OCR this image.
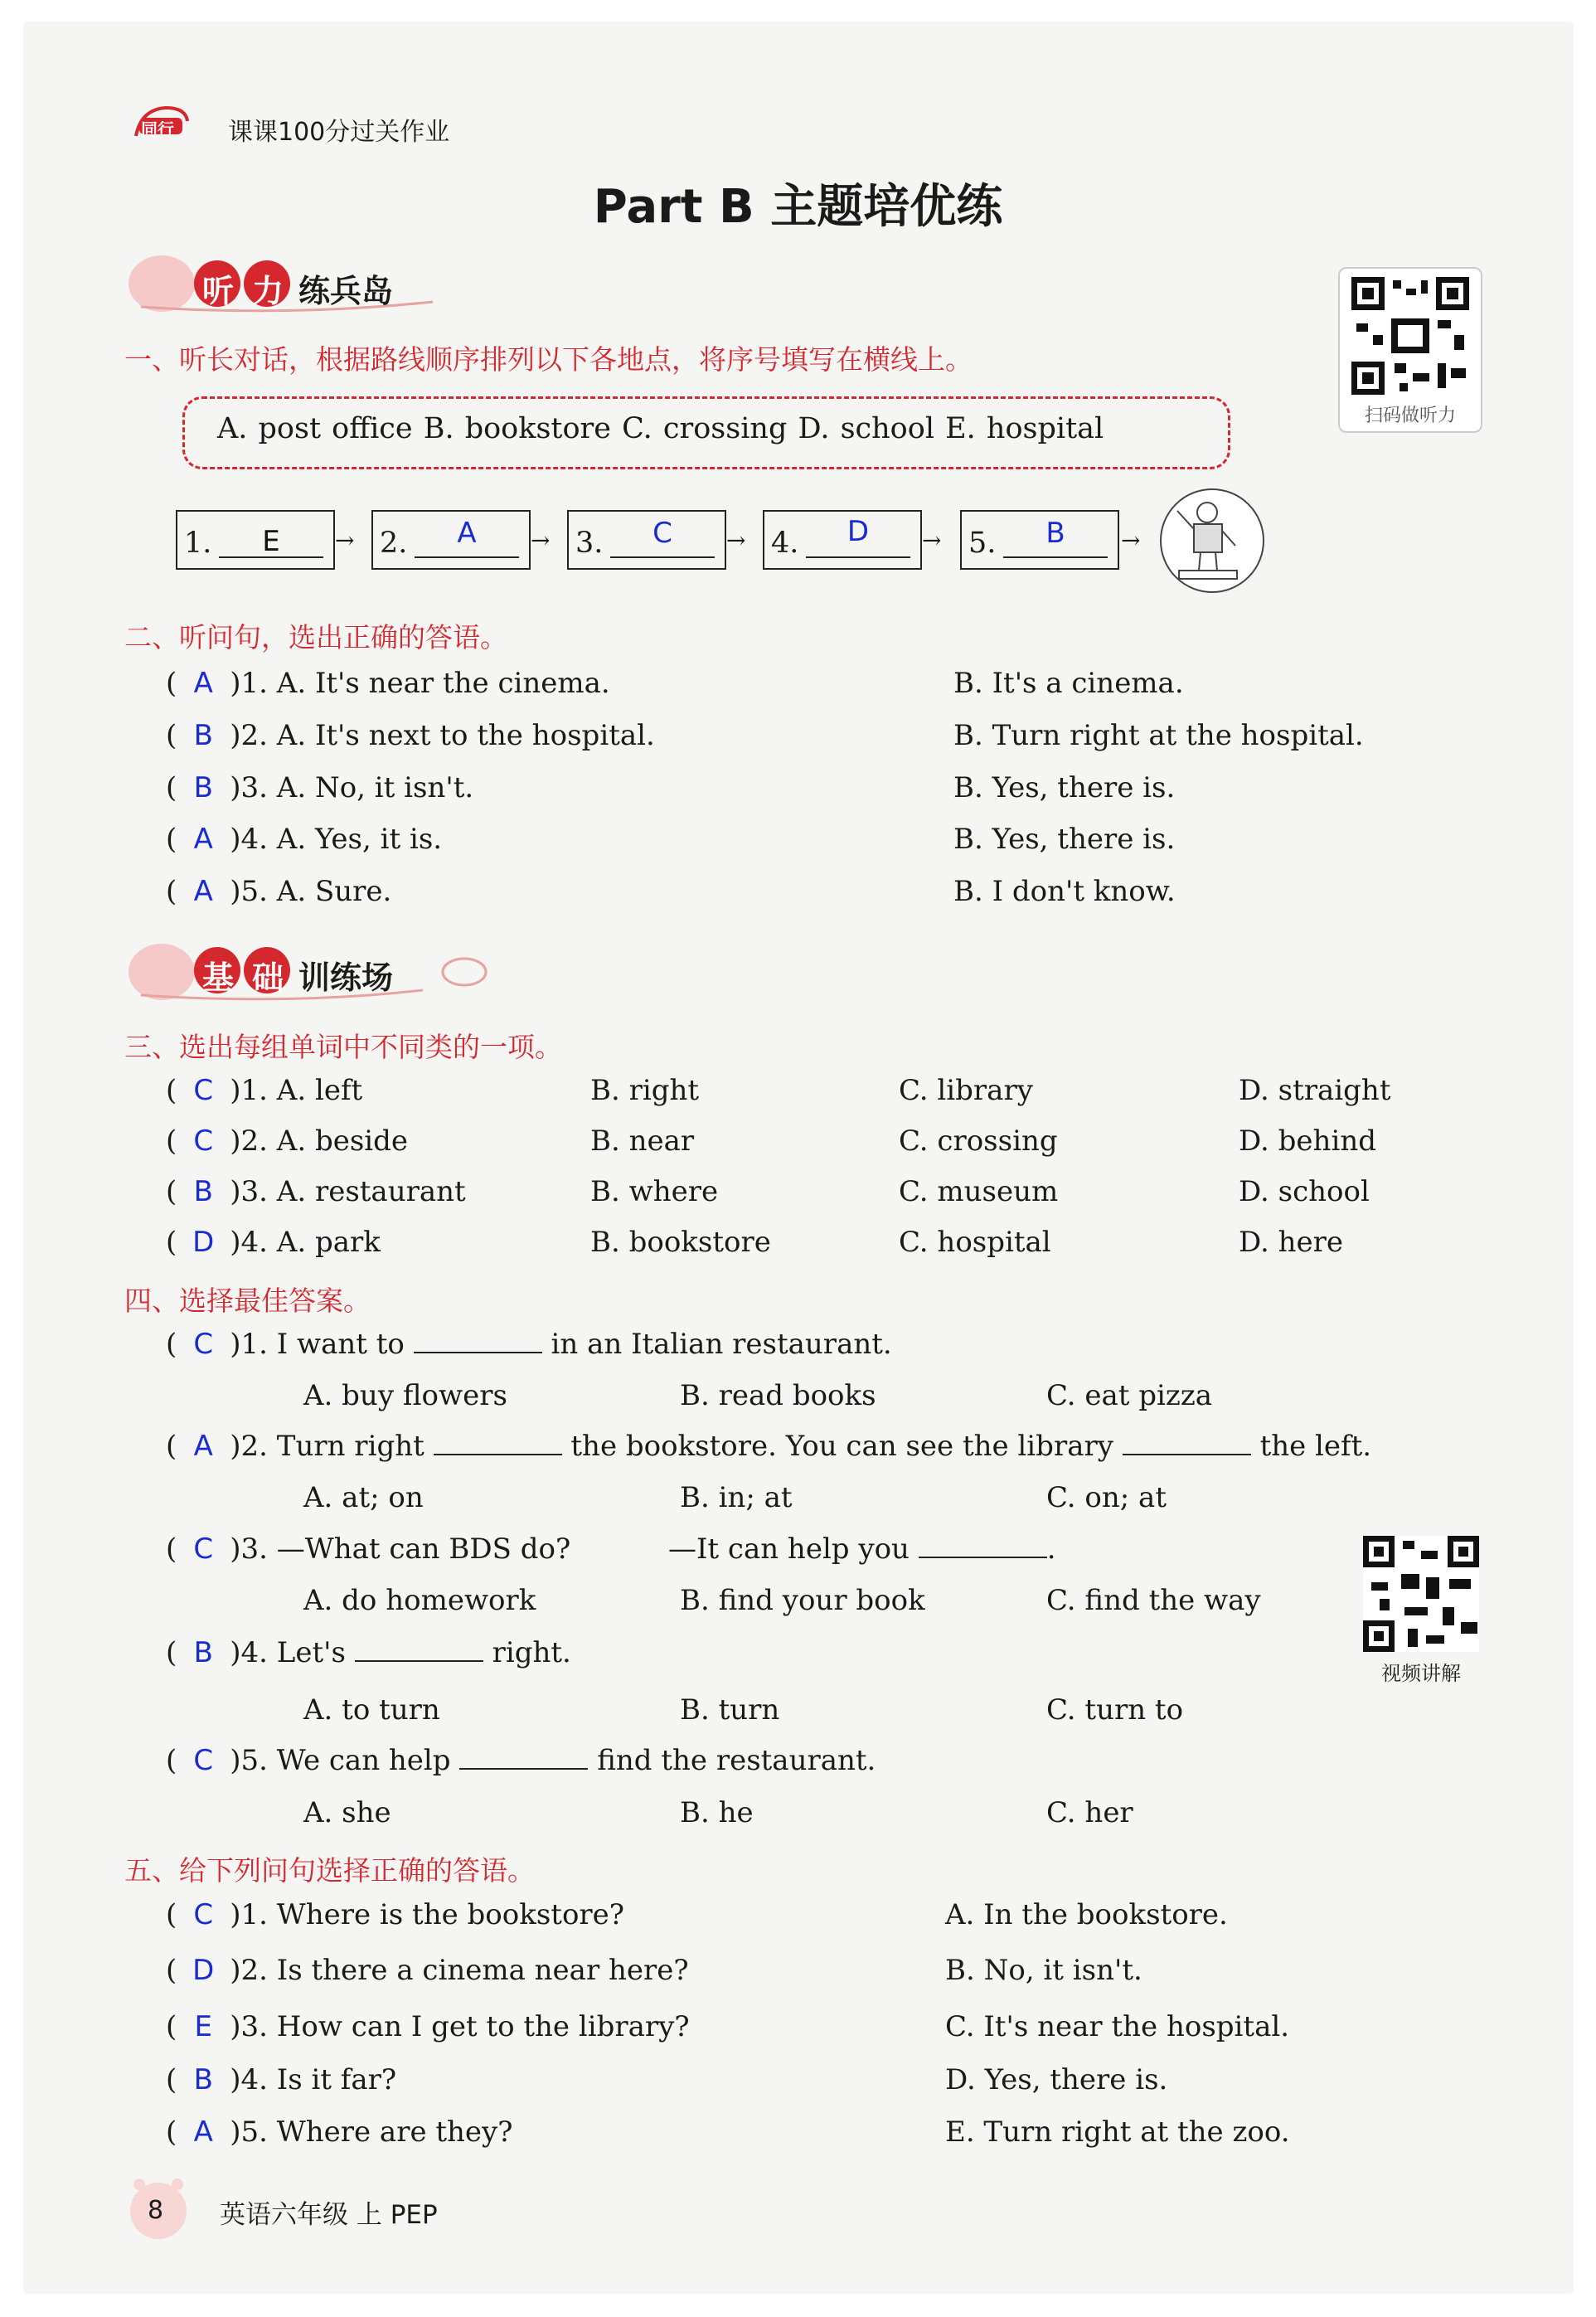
同行 课课100分过关作业
Part B 主题培优练
听 力 练兵岛
扫码做听力
一、听长对话，根据路线顺序排列以下各地点，将序号填写在横线上。
A. post office B. bookstore C. crossing D. school E. hospital
1.	E	→ 2.	A	→ 3.	C	→ 4.	D	→ 5.	B	→
二、听问句，选出正确的答语。
( A )1. A. It's near the cinema.	B. It's a cinema.
( B )2. A. It's next to the hospital.	B. Turn right at the hospital.
( B )3. A. No, it isn't.	B. Yes, there is.
( A )4. A. Yes, it is.	B. Yes, there is.
( A )5. A. Sure.	B. I don't know.
基 础 训练场
三、选出每组单词中不同类的一项。
( C )1. A. left	B. right	C. library	D. straight
( C )2. A. beside	B. near	C. crossing	D. behind
( B )3. A. restaurant	B. where	C. museum	D. school
( D )4. A. park	B. bookstore	C. hospital	D. here
四、选择最佳答案。
( C )1. I want to	in an Italian restaurant.
A. buy flowers	B. read books	C. eat pizza
( A )2. Turn right	the bookstore. You can see the library	the left.
A. at; on	B. in; at	C. on; at
( C )3. —What can BDS do?	—It can help you	.
A. do homework	B. find your book	C. find the way
视频讲解
( B )4. Let's	right.
A. to turn	B. turn	C. turn to
( C )5. We can help	find the restaurant.
A. she	B. he	C. her
五、给下列问句选择正确的答语。
( C )1. Where is the bookstore?	A. In the bookstore.
( D )2. Is there a cinema near here?	B. No, it isn't.
( E )3. How can I get to the library?	C. It's near the hospital.
( B )4. Is it far?	D. Yes, there is.
( A )5. Where are they?	E. Turn right at the zoo.
8 英语六年级 上 PEP
